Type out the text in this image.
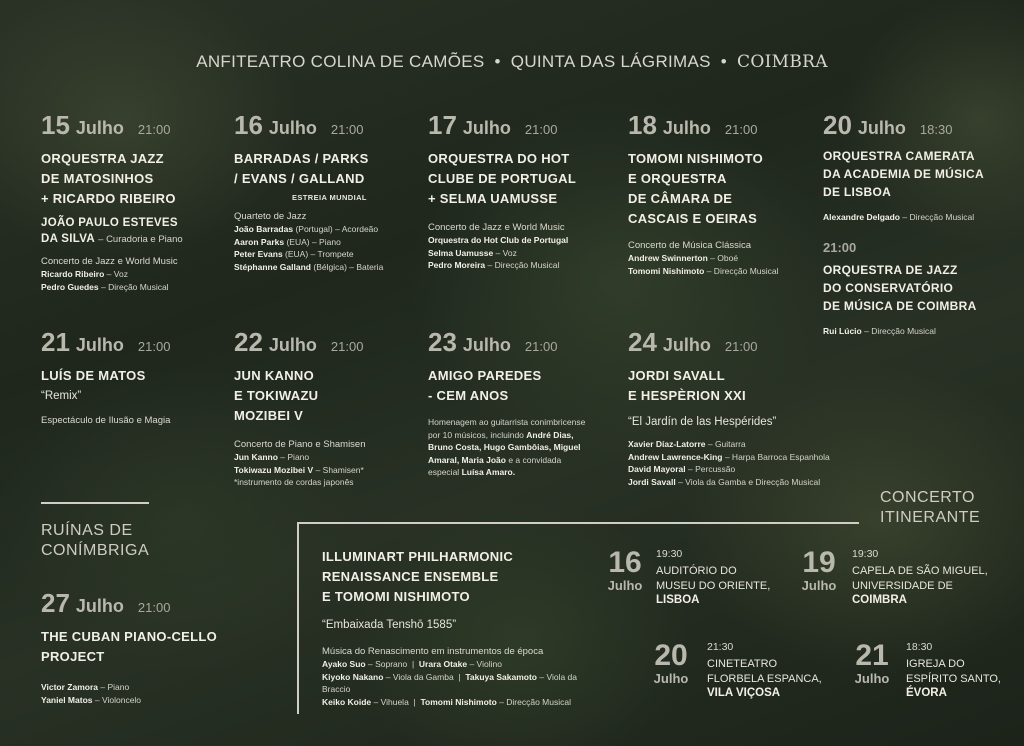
ANFITEATRO COLINA DE CAMÕES • QUINTA DAS LÁGRIMAS • COIMBRA
15 Julho 21:00
ORQUESTRA JAZZ
DE MATOSINHOS
+ RICARDO RIBEIRO
JOÃO PAULO ESTEVES
DA SILVA – Curadoria e Piano
Concerto de Jazz e World Music
Ricardo Ribeiro – Voz
Pedro Guedes – Direção Musical
16 Julho 21:00
BARRADAS / PARKS
/ EVANS / GALLAND
ESTREIA MUNDIAL
Quarteto de Jazz
João Barradas (Portugal) – Acordeão
Aaron Parks (EUA) – Piano
Peter Evans (EUA) – Trompete
Stéphanne Galland (Bélgica) – Bateria
17 Julho 21:00
ORQUESTRA DO HOT
CLUBE DE PORTUGAL
+ SELMA UAMUSSE
Concerto de Jazz e World Music
Orquestra do Hot Club de Portugal
Selma Uamusse – Voz
Pedro Moreira – Direcção Musical
18 Julho 21:00
TOMOMI NISHIMOTO
E ORQUESTRA
DE CÂMARA DE
CASCAIS E OEIRAS
Concerto de Música Clássica
Andrew Swinnerton – Oboé
Tomomi Nishimoto – Direcção Musical
20 Julho 18:30
ORQUESTRA CAMERATA
DA ACADEMIA DE MÚSICA
DE LISBOA
Alexandre Delgado – Direcção Musical
21:00
ORQUESTRA DE JAZZ
DO CONSERVATÓRIO
DE MÚSICA DE COIMBRA
Rui Lúcio – Direcção Musical
21 Julho 21:00
LUÍS DE MATOS
“Remix”
Espectáculo de Ilusão e Magia
22 Julho 21:00
JUN KANNO
E TOKIWAZU
MOZIBEI V
Concerto de Piano e Shamisen
Jun Kanno – Piano
Tokiwazu Mozibei V – Shamisen*
*instrumento de cordas japonês
23 Julho 21:00
AMIGO PAREDES
- CEM ANOS
Homenagem ao guitarrista conimbricense por 10 músicos, incluindo André Dias, Bruno Costa, Hugo Gambôias, Miguel Amaral, Maria João e a convidada especial Luísa Amaro.
24 Julho 21:00
JORDI SAVALL
E HESPÈRION XXI
“El Jardín de las Hespérides”
Xavier Díaz-Latorre – Guitarra
Andrew Lawrence-King – Harpa Barroca Espanhola
David Mayoral – Percussão
Jordi Savall – Viola da Gamba e Direcção Musical
RUÍNAS DE
CONÍMBRIGA
27 Julho 21:00
THE CUBAN PIANO-CELLO
PROJECT
Victor Zamora – Piano
Yaniel Matos – Violoncelo
CONCERTO
ITINERANTE
ILLUMINART PHILHARMONIC
RENAISSANCE ENSEMBLE
E TOMOMI NISHIMOTO
“Embaixada Tenshō 1585”
Música do Renascimento em instrumentos de época
Ayako Suo – Soprano  |  Urara Otake – Violino
Kiyoko Nakano – Viola da Gamba  |  Takuya Sakamoto – Viola da Braccio
Keiko Koide – Vihuela  |  Tomomi Nishimoto – Direcção Musical
16
Julho
19:30
AUDITÓRIO DO
MUSEU DO ORIENTE,
LISBOA
19
Julho
19:30
CAPELA DE SÃO MIGUEL,
UNIVERSIDADE DE
COIMBRA
20
Julho
21:30
CINETEATRO
FLORBELA ESPANCA,
VILA VIÇOSA
21
Julho
18:30
IGREJA DO
ESPÍRITO SANTO,
ÉVORA
